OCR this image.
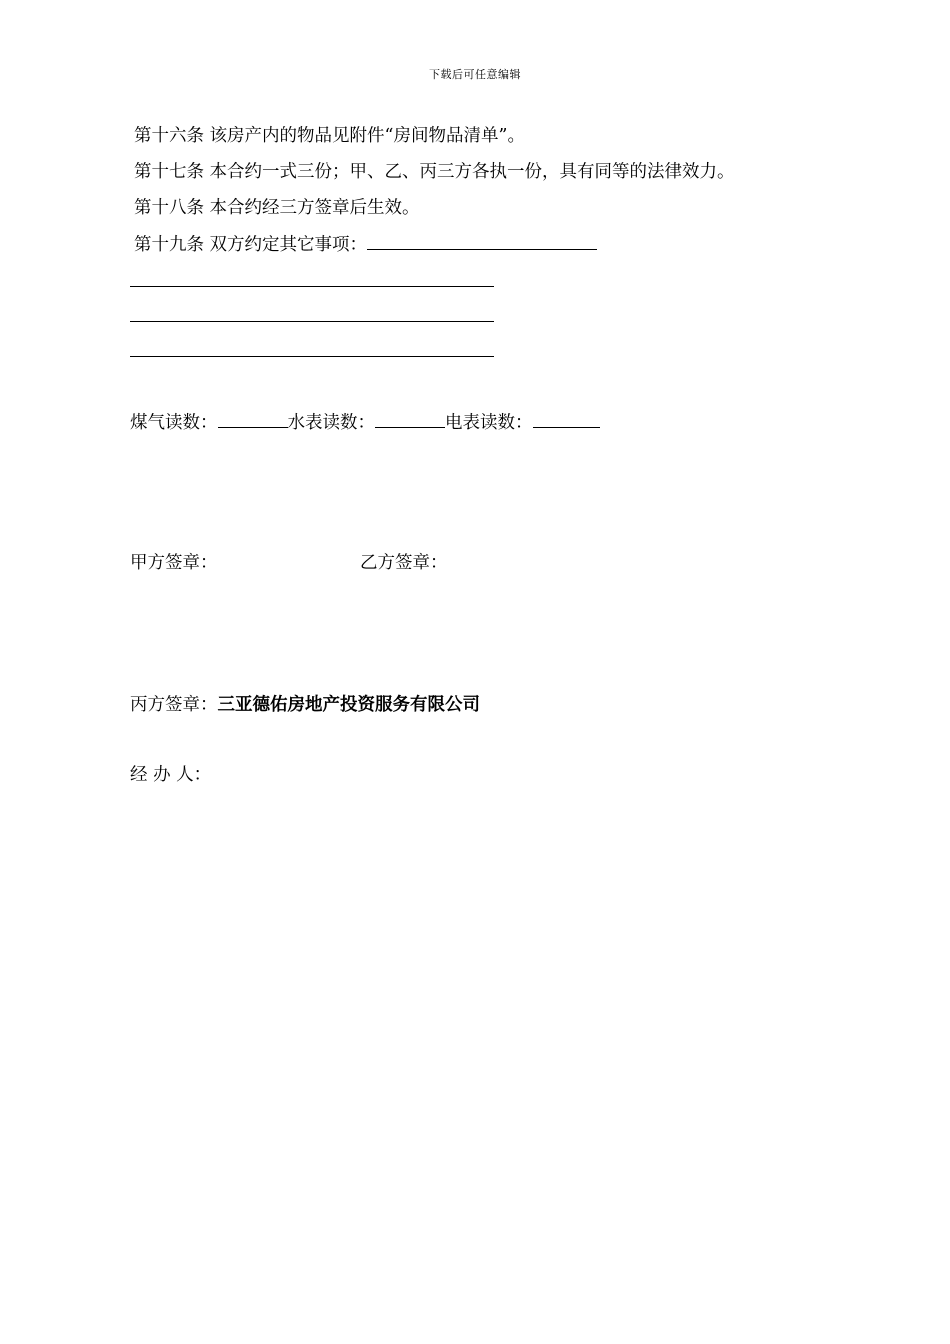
下载后可任意编辑
第十六条 该房产内的物品见附件“房间物品清单”。
第十七条 本合约一式三份；甲、乙、丙三方各执一份，具有同等的法律效力。
第十八条 本合约经三方签章后生效。
第十九条 双方约定其它事项：
煤气读数：	水表读数：	电表读数：
甲方签章：	乙方签章：
丙方签章：三亚德佑房地产投资服务有限公司
经 办 人：
